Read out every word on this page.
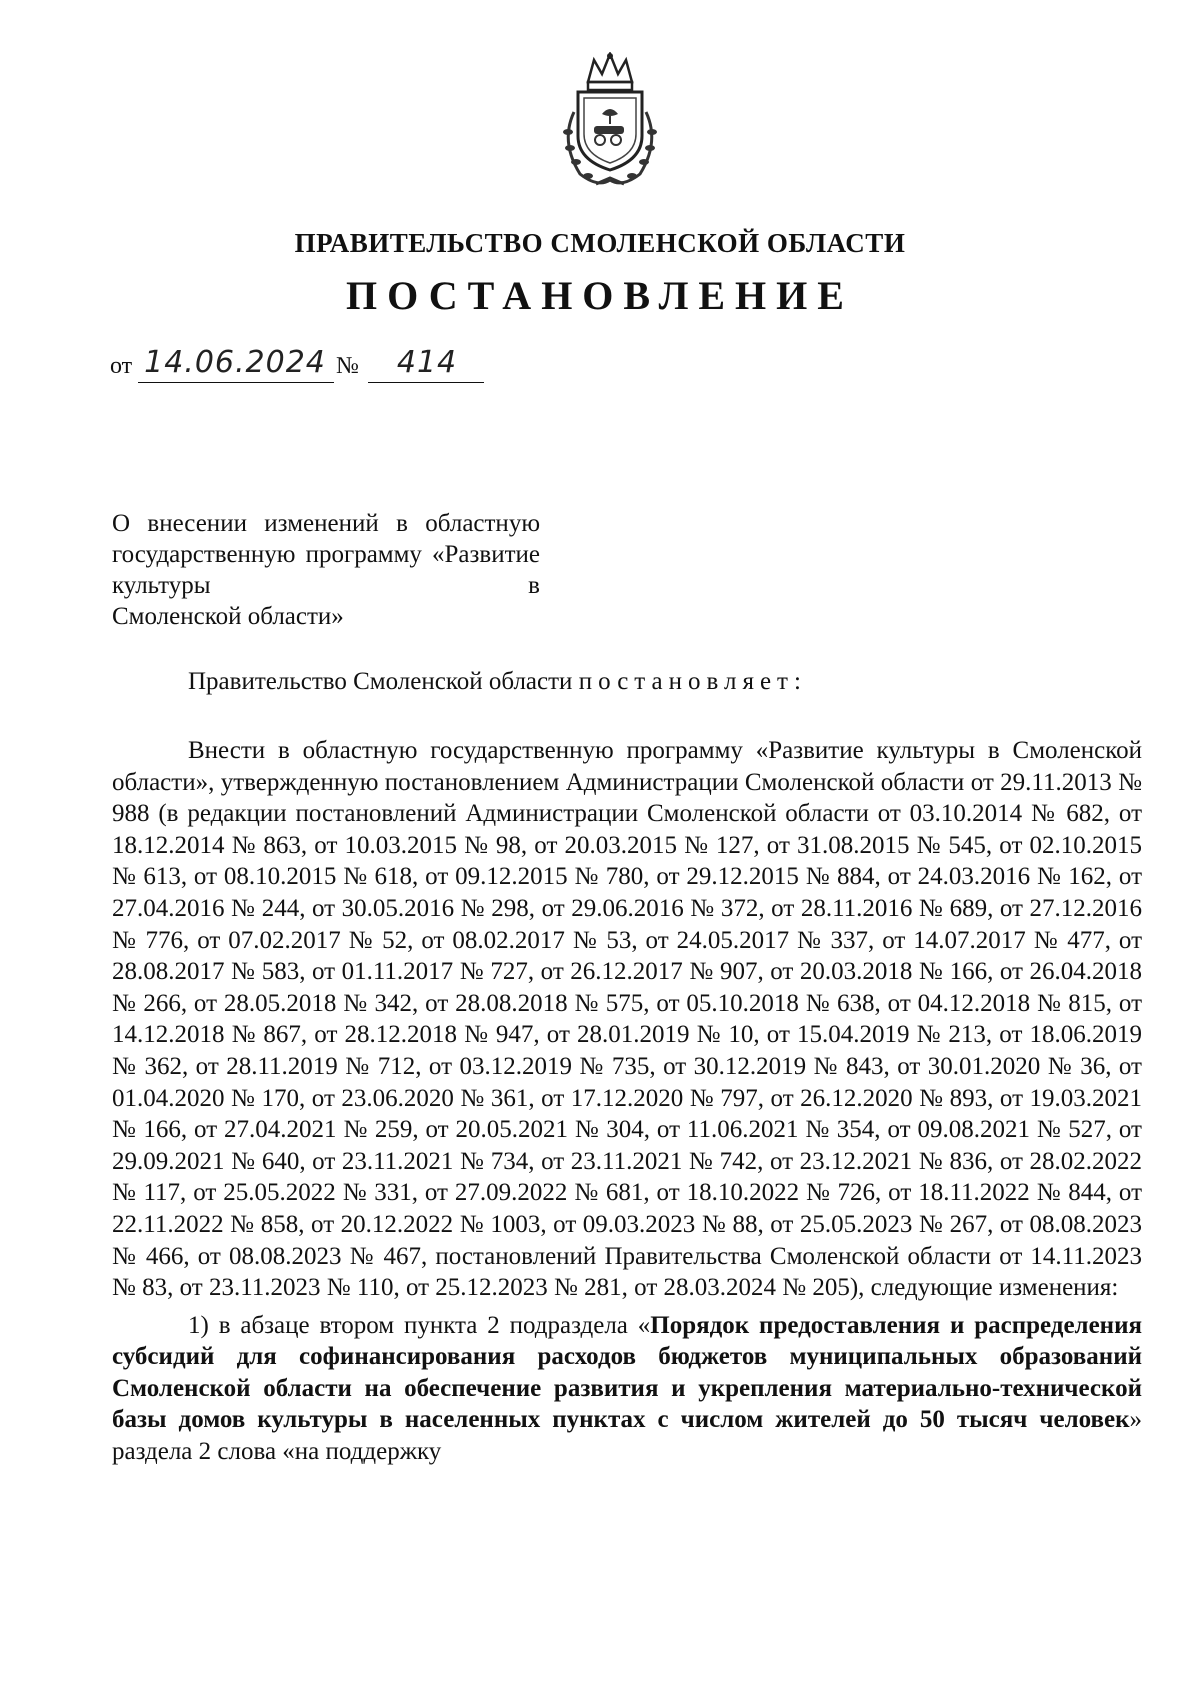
ПРАВИТЕЛЬСТВО СМОЛЕНСКОЙ ОБЛАСТИ
ПОСТАНОВЛЕНИЕ
от 14.06.2024 №	414
О внесении изменений в областную государственную программу «Развитие культуры в
Смоленской области»
Правительство Смоленской области постановляет:

Внести в областную государственную программу «Развитие культуры в Смоленской области», утвержденную постановлением Администрации Смоленской области от 29.11.2013 № 988 (в редакции постановлений Администрации Смоленской области от 03.10.2014 № 682, от 18.12.2014 № 863, от 10.03.2015 № 98, от 20.03.2015 № 127, от 31.08.2015 № 545, от 02.10.2015 № 613, от 08.10.2015 № 618, от 09.12.2015 № 780, от 29.12.2015 № 884, от 24.03.2016 № 162, от 27.04.2016 № 244, от 30.05.2016 № 298, от 29.06.2016 № 372, от 28.11.2016 № 689, от 27.12.2016 № 776, от 07.02.2017 № 52, от 08.02.2017 № 53, от 24.05.2017 № 337, от 14.07.2017 № 477, от 28.08.2017 № 583, от 01.11.2017 № 727, от 26.12.2017 № 907, от 20.03.2018 № 166, от 26.04.2018 № 266, от 28.05.2018 № 342, от 28.08.2018 № 575, от 05.10.2018 № 638, от 04.12.2018 № 815, от 14.12.2018 № 867, от 28.12.2018 № 947, от 28.01.2019 № 10, от 15.04.2019 № 213, от 18.06.2019 № 362, от 28.11.2019 № 712, от 03.12.2019 № 735, от 30.12.2019 № 843, от 30.01.2020 № 36, от 01.04.2020 № 170, от 23.06.2020 № 361, от 17.12.2020 № 797, от 26.12.2020 № 893, от 19.03.2021 № 166, от 27.04.2021 № 259, от 20.05.2021 № 304, от 11.06.2021 № 354, от 09.08.2021 № 527, от 29.09.2021 № 640, от 23.11.2021 № 734, от 23.11.2021 № 742, от 23.12.2021 № 836, от 28.02.2022 № 117, от 25.05.2022 № 331, от 27.09.2022 № 681, от 18.10.2022 № 726, от 18.11.2022 № 844, от 22.11.2022 № 858, от 20.12.2022 № 1003, от 09.03.2023 № 88, от 25.05.2023 № 267, от 08.08.2023 № 466, от 08.08.2023 № 467, постановлений Правительства Смоленской области от 14.11.2023 № 83, от 23.11.2023 № 110, от 25.12.2023 № 281, от 28.03.2024 № 205), следующие изменения:

1) в абзаце втором пункта 2 подраздела «Порядок предоставления и распределения субсидий для софинансирования расходов бюджетов муниципальных образований Смоленской области на обеспечение развития и укрепления материально-технической базы домов культуры в населенных пунктах с числом жителей до 50 тысяч человек» раздела 2 слова «на поддержку
